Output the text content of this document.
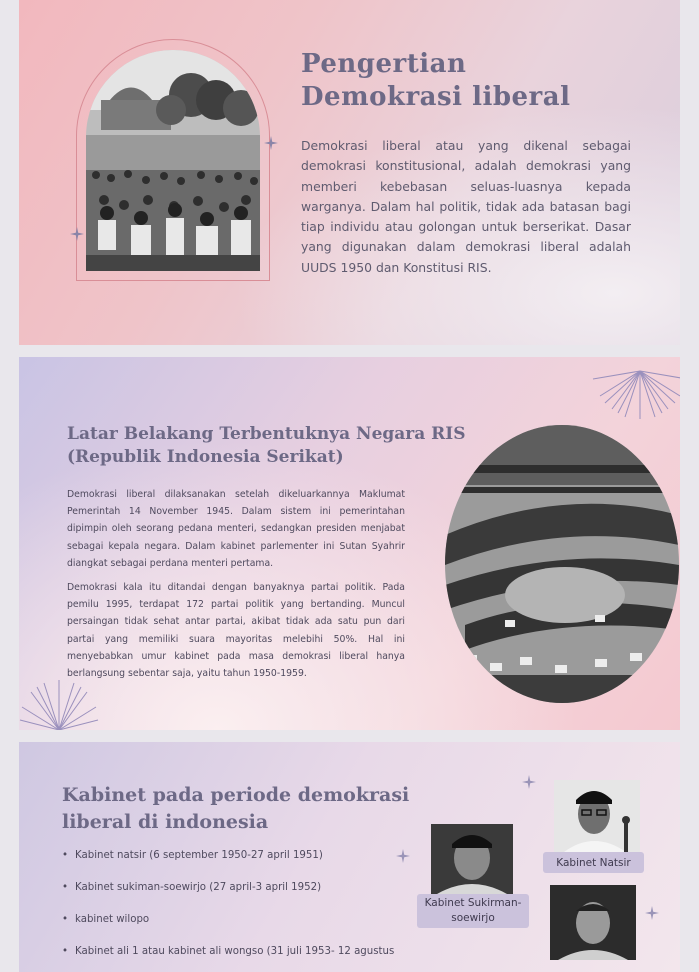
Pengertian
Demokrasi liberal

Demokrasi liberal atau yang dikenal sebagai demokrasi konstitusional, adalah demokrasi yang memberi kebebasan seluas-luasnya kepada warganya. Dalam hal politik, tidak ada batasan bagi tiap individu atau golongan untuk berserikat. Dasar yang digunakan dalam demokrasi liberal adalah UUDS 1950 dan Konstitusi RIS.

Latar Belakang Terbentuknya Negara RIS
(Republik Indonesia Serikat)

Demokrasi liberal dilaksanakan setelah dikeluarkannya Maklumat Pemerintah 14 November 1945. Dalam sistem ini pemerintahan dipimpin oleh seorang pedana menteri, sedangkan presiden menjabat sebagai kepala negara. Dalam kabinet parlementer ini Sutan Syahrir diangkat sebagai perdana menteri pertama.

Demokrasi kala itu ditandai dengan banyaknya partai politik. Pada pemilu 1995, terdapat 172 partai politik yang bertanding. Muncul persaingan tidak sehat antar partai, akibat tidak ada satu pun dari partai yang memiliki suara mayoritas melebihi 50%. Hal ini menyebabkan umur kabinet pada masa demokrasi liberal hanya berlangsung sebentar saja, yaitu tahun 1950-1959.

Kabinet pada periode demokrasi
liberal di indonesia
• Kabinet natsir (6 september 1950-27 april 1951)
• Kabinet sukiman-soewirjo (27 april-3 april 1952)
• kabinet wilopo
• Kabinet ali 1 atau kabinet ali wongso (31 juli 1953- 12 agustus
Kabinet Natsir
Kabinet Sukirman-
soewirjo
